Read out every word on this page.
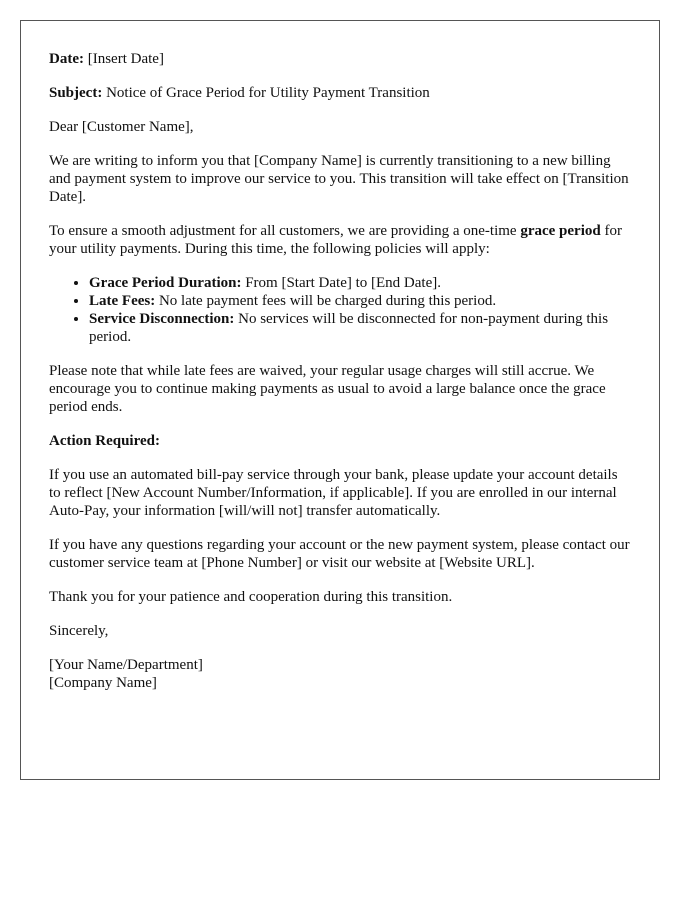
Date: [Insert Date]

Subject: Notice of Grace Period for Utility Payment Transition

Dear [Customer Name],

We are writing to inform you that [Company Name] is currently transitioning to a new billing and payment system to improve our service to you. This transition will take effect on [Transition Date].

To ensure a smooth adjustment for all customers, we are providing a one-time grace period for your utility payments. During this time, the following policies will apply:

• Grace Period Duration: From [Start Date] to [End Date].
• Late Fees: No late payment fees will be charged during this period.
• Service Disconnection: No services will be disconnected for non-payment during this period.

Please note that while late fees are waived, your regular usage charges will still accrue. We encourage you to continue making payments as usual to avoid a large balance once the grace period ends.

Action Required:

If you use an automated bill-pay service through your bank, please update your account details to reflect [New Account Number/Information, if applicable]. If you are enrolled in our internal Auto-Pay, your information [will/will not] transfer automatically.

If you have any questions regarding your account or the new payment system, please contact our customer service team at [Phone Number] or visit our website at [Website URL].

Thank you for your patience and cooperation during this transition.

Sincerely,

[Your Name/Department]
[Company Name]
